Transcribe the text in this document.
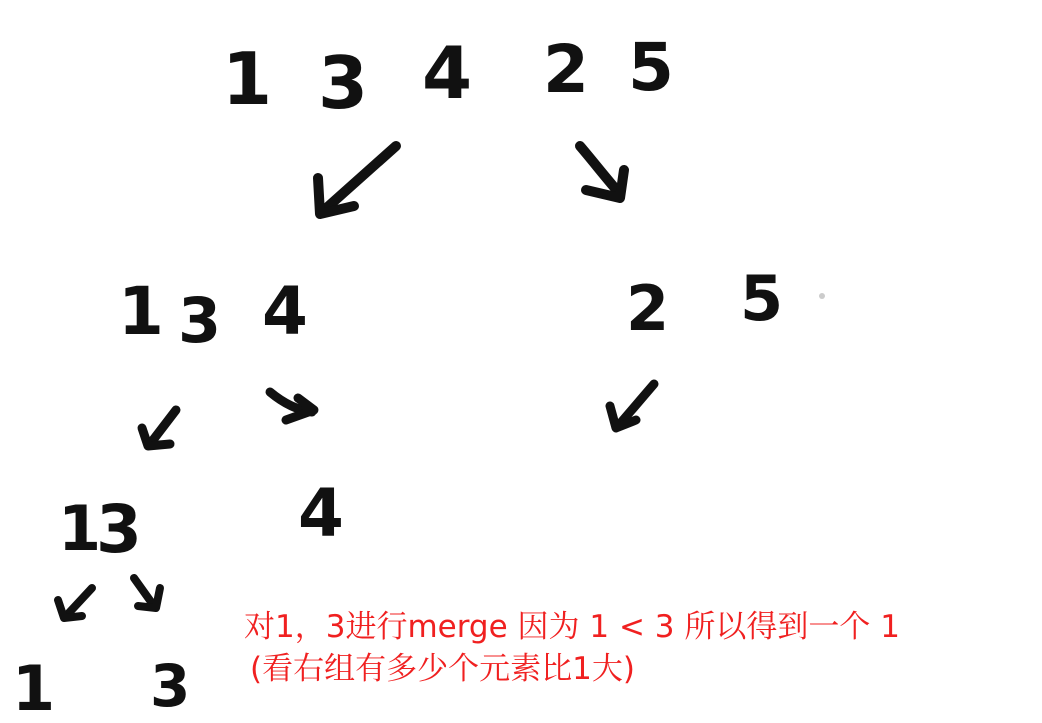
1 3 4 2 5
1 3 4	2 5
1
3 4
1 3
对1，3进行merge 因为 1 < 3 所以得到一个 1
(看右组有多少个元素比1大)
